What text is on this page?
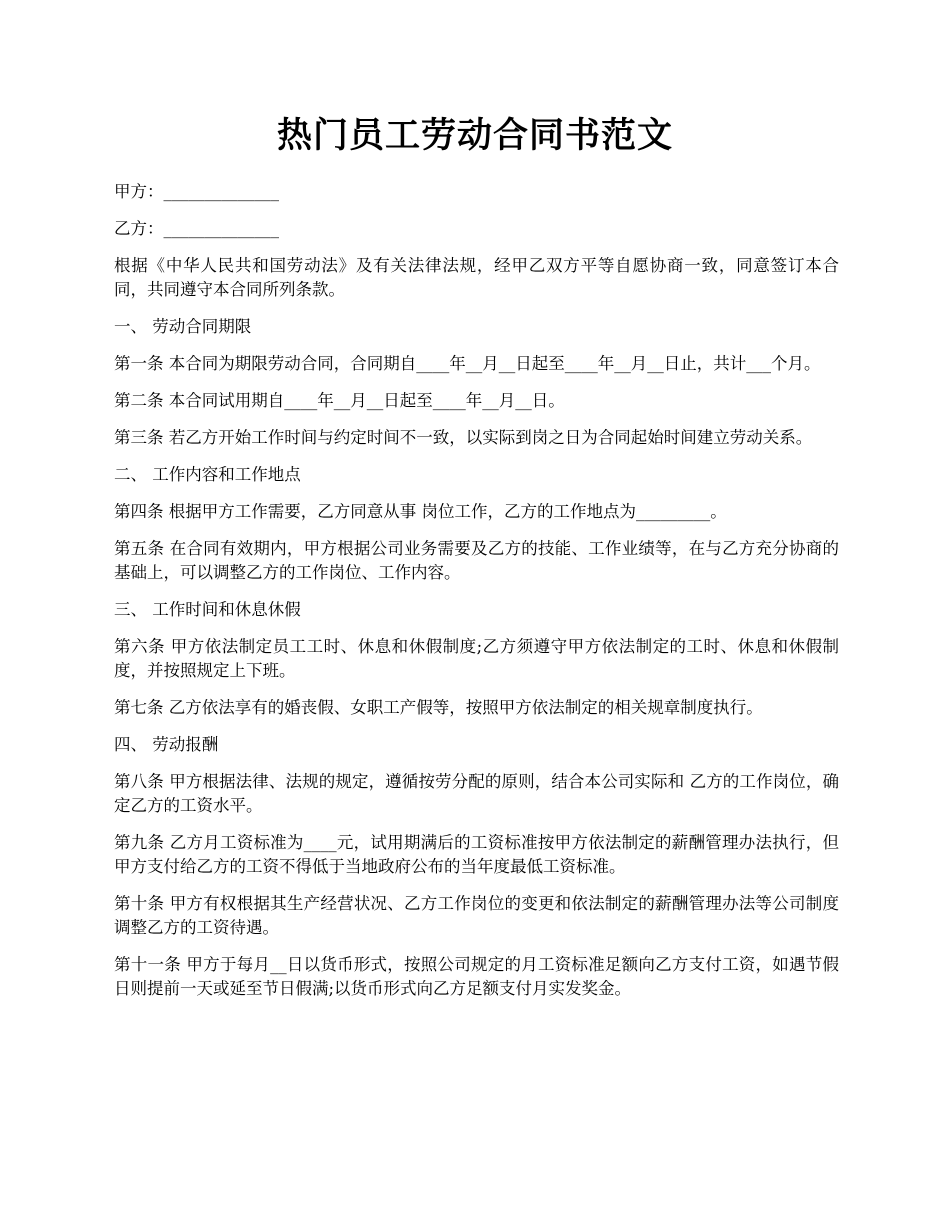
热门员工劳动合同书范文

甲方：______________

乙方：______________

根据《中华人民共和国劳动法》及有关法律法规，经甲乙双方平等自愿协商一致，同意签订本合同，共同遵守本合同所列条款。

一、 劳动合同期限

第一条 本合同为期限劳动合同，合同期自____年__月__日起至____年__月__日止，共计___个月。

第二条 本合同试用期自____年__月__日起至____年__月__日。

第三条 若乙方开始工作时间与约定时间不一致，以实际到岗之日为合同起始时间建立劳动关系。

二、 工作内容和工作地点

第四条 根据甲方工作需要，乙方同意从事 岗位工作，乙方的工作地点为_________。

第五条 在合同有效期内，甲方根据公司业务需要及乙方的技能、工作业绩等，在与乙方充分协商的基础上，可以调整乙方的工作岗位、工作内容。

三、 工作时间和休息休假

第六条 甲方依法制定员工工时、休息和休假制度;乙方须遵守甲方依法制定的工时、休息和休假制度，并按照规定上下班。

第七条 乙方依法享有的婚丧假、女职工产假等，按照甲方依法制定的相关规章制度执行。

四、 劳动报酬

第八条 甲方根据法律、法规的规定，遵循按劳分配的原则，结合本公司实际和 乙方的工作岗位，确定乙方的工资水平。

第九条 乙方月工资标准为____元，试用期满后的工资标准按甲方依法制定的薪酬管理办法执行，但甲方支付给乙方的工资不得低于当地政府公布的当年度最低工资标准。

第十条 甲方有权根据其生产经营状况、乙方工作岗位的变更和依法制定的薪酬管理办法等公司制度调整乙方的工资待遇。

第十一条 甲方于每月__日以货币形式，按照公司规定的月工资标准足额向乙方支付工资，如遇节假日则提前一天或延至节日假满;以货币形式向乙方足额支付月实发奖金。
